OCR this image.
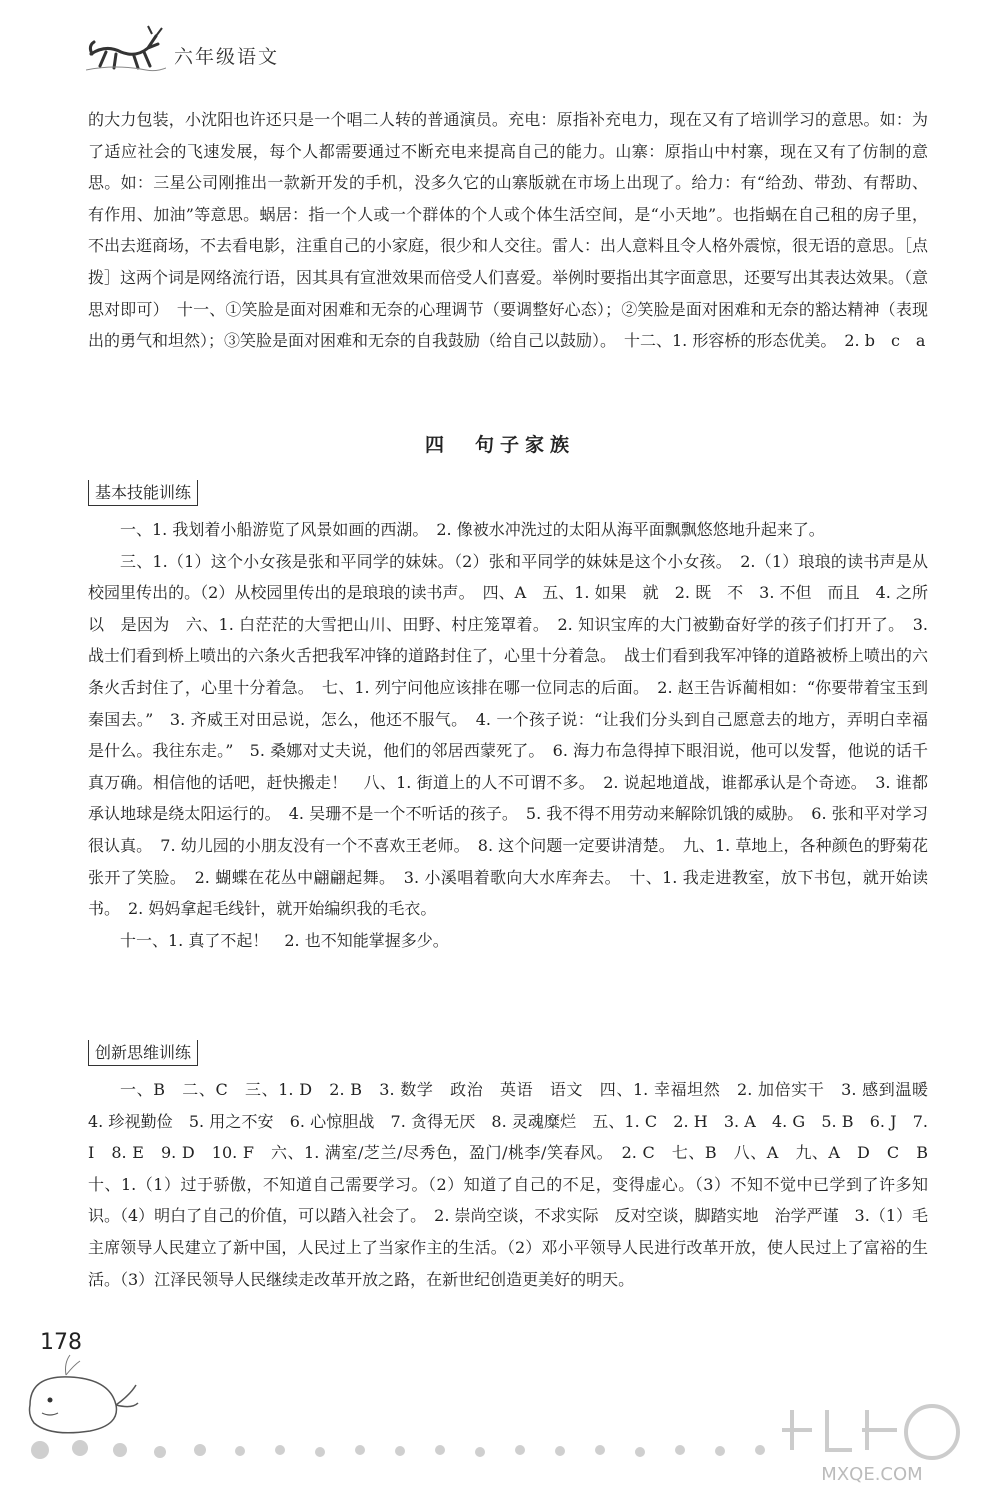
六年级语文

的大力包装，小沈阳也许还只是一个唱二人转的普通演员。充电：原指补充电力，现在又有了培训学习的意思。如：为了适应社会的飞速发展，每个人都需要通过不断充电来提高自己的能力。山寨：原指山中村寨，现在又有了仿制的意思。如：三星公司刚推出一款新开发的手机，没多久它的山寨版就在市场上出现了。给力：有“给劲、带劲、有帮助、有作用、加油”等意思。蜗居：指一个人或一个群体的个人或个体生活空间，是“小天地”。也指蜗在自己租的房子里，不出去逛商场，不去看电影，注重自己的小家庭，很少和人交往。雷人：出人意料且令人格外震惊，很无语的意思。［点拨］这两个词是网络流行语，因其具有宣泄效果而倍受人们喜爱。举例时要指出其字面意思，还要写出其表达效果。（意思对即可）　十一、①笑脸是面对困难和无奈的心理调节（要调整好心态）；②笑脸是面对困难和无奈的豁达精神（表现出的勇气和坦然）；③笑脸是面对困难和无奈的自我鼓励（给自己以鼓励）。　十二、1. 形容桥的形态优美。　2. b　c　a

四　句子家族
基本技能训练

一、1. 我划着小船游览了风景如画的西湖。　2. 像被水冲洗过的太阳从海平面飘飘悠悠地升起来了。

三、1.（1）这个小女孩是张和平同学的妹妹。（2）张和平同学的妹妹是这个小女孩。　2.（1）琅琅的读书声是从校园里传出的。（2）从校园里传出的是琅琅的读书声。　四、A　五、1. 如果　就　2. 既　不　3. 不但　而且　4. 之所以　是因为　六、1. 白茫茫的大雪把山川、田野、村庄笼罩着。　2. 知识宝库的大门被勤奋好学的孩子们打开了。　3. 战士们看到桥上喷出的六条火舌把我军冲锋的道路封住了，心里十分着急。　战士们看到我军冲锋的道路被桥上喷出的六条火舌封住了，心里十分着急。　七、1. 列宁问他应该排在哪一位同志的后面。　2. 赵王告诉蔺相如：“你要带着宝玉到秦国去。”　3. 齐威王对田忌说，怎么，他还不服气。　4. 一个孩子说：“让我们分头到自己愿意去的地方，弄明白幸福是什么。我往东走。”　5. 桑娜对丈夫说，他们的邻居西蒙死了。　6. 海力布急得掉下眼泪说，他可以发誓，他说的话千真万确。相信他的话吧，赶快搬走！　八、1. 街道上的人不可谓不多。　2. 说起地道战，谁都承认是个奇迹。　3. 谁都承认地球是绕太阳运行的。　4. 吴珊不是一个不听话的孩子。　5. 我不得不用劳动来解除饥饿的威胁。　6. 张和平对学习很认真。　7. 幼儿园的小朋友没有一个不喜欢王老师。　8. 这个问题一定要讲清楚。　九、1. 草地上，各种颜色的野菊花张开了笑脸。　2. 蝴蝶在花丛中翩翩起舞。　3. 小溪唱着歌向大水库奔去。　十、1. 我走进教室，放下书包，就开始读书。　2. 妈妈拿起毛线针，就开始编织我的毛衣。

十一、1. 真了不起！　2. 也不知能掌握多少。

创新思维训练

一、B　二、C　三、1. D　2. B　3. 数学　政治　英语　语文　四、1. 幸福坦然　2. 加倍实干　3. 感到温暖　4. 珍视勤俭　5. 用之不安　6. 心惊胆战　7. 贪得无厌　8. 灵魂糜烂　五、1. C　2. H　3. A　4. G　5. B　6. J　7. I　8. E　9. D　10. F　六、1. 满室/芝兰/尽秀色，盈门/桃李/笑春风。　2. C　七、B　八、A　九、A　D　C　B　十、1.（1）过于骄傲，不知道自己需要学习。（2）知道了自己的不足，变得虚心。（3）不知不觉中已学到了许多知识。（4）明白了自己的价值，可以踏入社会了。　2. 崇尚空谈，不求实际　反对空谈，脚踏实地　治学严谨　3.（1）毛主席领导人民建立了新中国，人民过上了当家作主的生活。（2）邓小平领导人民进行改革开放，使人民过上了富裕的生活。（3）江泽民领导人民继续走改革开放之路，在新世纪创造更美好的明天。

178
MXQE.COM
